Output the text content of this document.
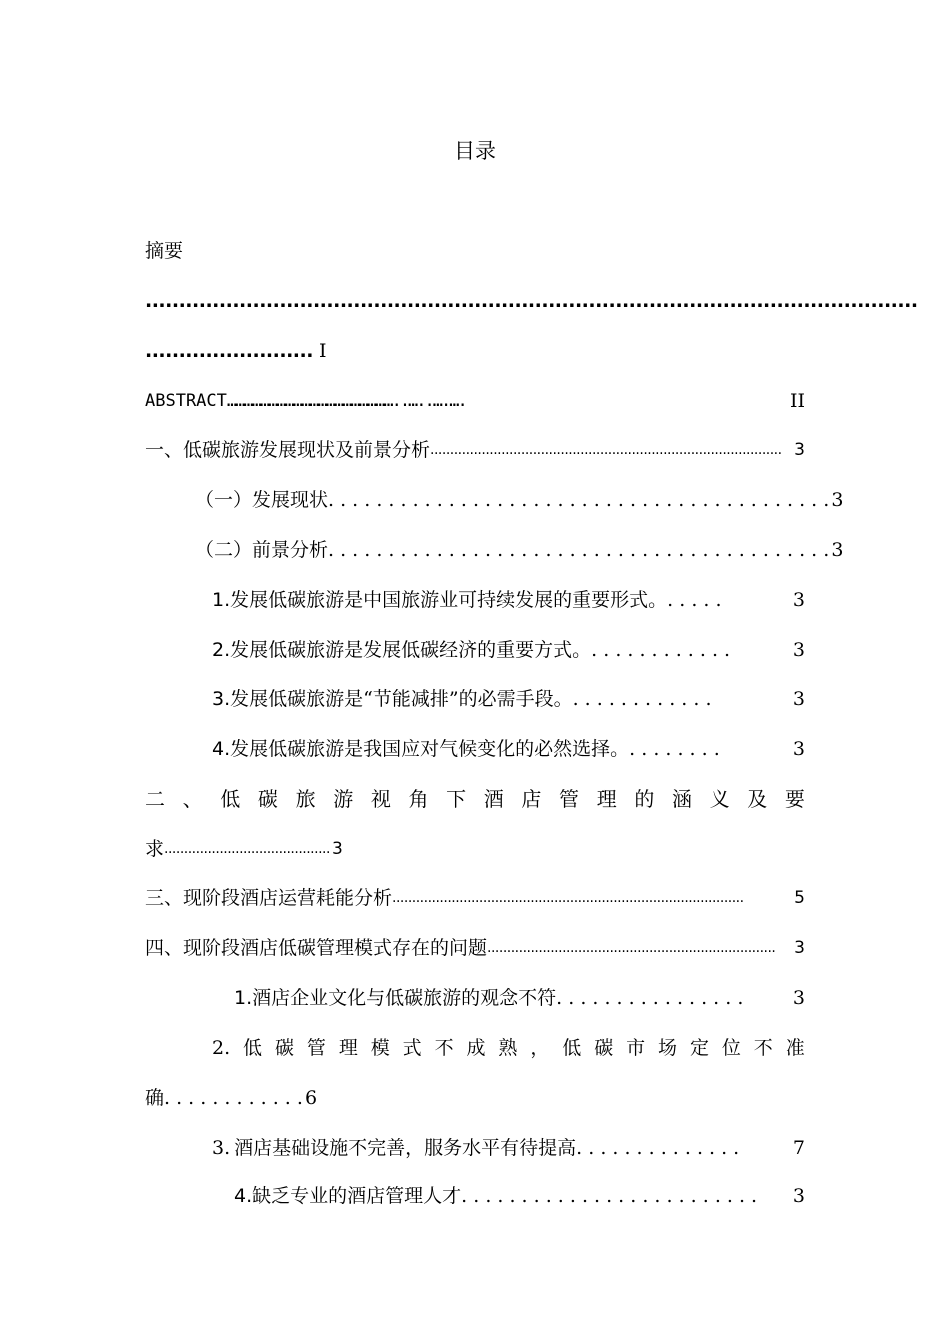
目录
摘要
...................................................................................................................
......................... I
ABSTRACT ……………………………………………………..…..….….	II
一、低碳旅游发展现状及前景分析 ......................................................................................... 3
（一）发展现状 . . . . . . . . . . . . . . . . . . . . . . . . . . . . . . . . . . . . . . . . . . 3
（二）前景分析 . . . . . . . . . . . . . . . . . . . . . . . . . . . . . . . . . . . . . . . . . . 3
1. 发展低碳旅游是中国旅游业可持续发展的重要形式。 . . . . .	3
2. 发展低碳旅游是发展低碳经济的重要方式。 . . . . . . . . . . . .	3
3. 发展低碳旅游是“节能减排”的必需手段。 . . . . . . . . . . . .	3
4. 发展低碳旅游是我国应对气候变化的必然选择。 . . . . . . . .	3
二 、 低 碳 旅 游 视 角 下 酒 店 管 理 的 涵 义 及 要
求 .......................................... 3
三、现阶段酒店运营耗能分析 .........................................................................................	5
四、现阶段酒店低碳管理模式存在的问题 .........................................................................	3
1. 酒店企业文化与低碳旅游的观念不符 . . . . . . . . . . . . . . . .	3
2. 低 碳 管 理 模 式 不 成 熟 ， 低 碳 市 场 定 位 不 准
确 . . . . . . . . . . . . 6
3. 酒店基础设施不完善，服务水平有待提高 . . . . . . . . . . . . . .	7
4. 缺乏专业的酒店管理人才 . . . . . . . . . . . . . . . . . . . . . . . . .	3
